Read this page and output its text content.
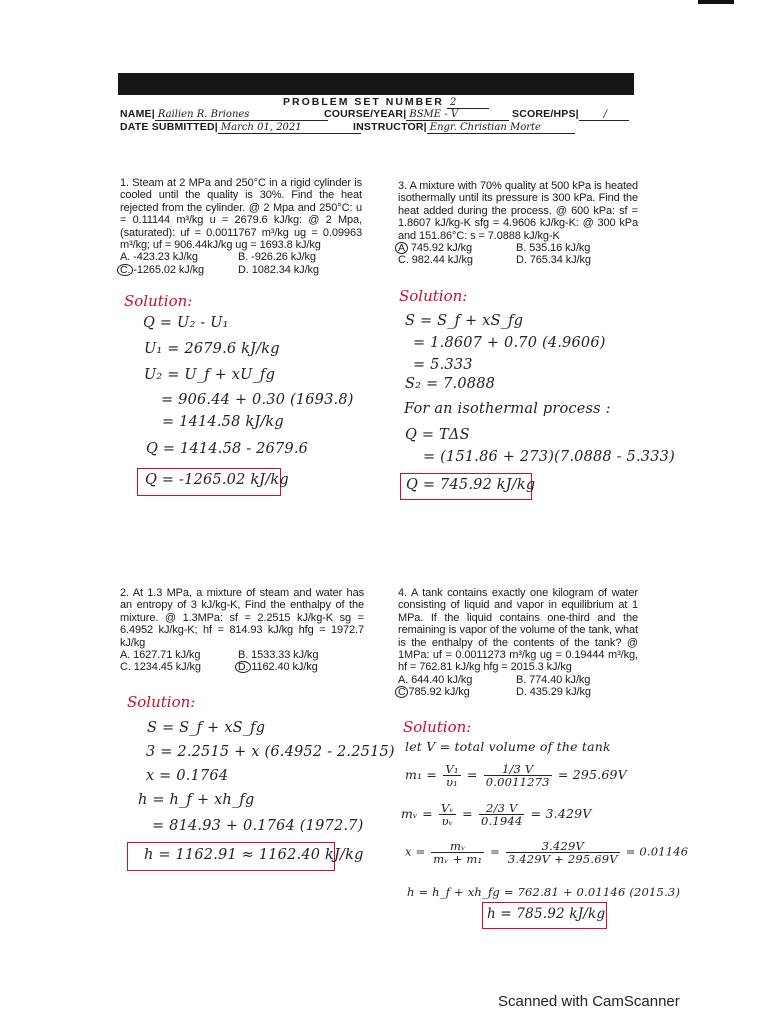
PROBLEM SET NUMBER 2
NAME| Railien R. Briones	COURSE/YEAR| BSME - V	SCORE/HPS| /
DATE SUBMITTED| March 01, 2021	INSTRUCTOR| Engr. Christian Morte

1. Steam at 2 MPa and 250°C in a rigid cylinder is cooled until the quality is 30%. Find the heat rejected from the cylinder. @ 2 Mpa and 250°C: u = 0.11144 m³/kg u = 2679.6 kJ/kg: @ 2 Mpa, (saturated): uf = 0.0011767 m³/kg ug = 0.09963 m³/kg; uf = 906.44kJ/kg ug = 1693.8 kJ/kg

A. -423.23 kJ/kg	B. -926.26 kJ/kg
C. -1265.02 kJ/kg	D. 1082.34 kJ/kg
Solution:
Q = U₂ - U₁
U₁ = 2679.6 kJ/kg
U₂ = U_f + xU_fg
= 906.44 + 0.30 (1693.8)
= 1414.58 kJ/kg
Q = 1414.58 - 2679.6
Q = -1265.02 kJ/kg

3. A mixture with 70% quality at 500 kPa is heated isothermally until its pressure is 300 kPa. Find the heat added during the process. @ 600 kPa: sf = 1.8607 kJ/kg-K sfg = 4.9606 kJ/kg-K: @ 300 kPa and 151.86°C: s = 7.0888 kJ/kg-K

A 745.92 kJ/kg	B. 535.16 kJ/kg
C. 982.44 kJ/kg	D. 765.34 kJ/kg
Solution:
S = S_f + xS_fg
= 1.8607 + 0.70 (4.9606)
= 5.333
S₂ = 7.0888
For an isothermal process :
Q = TΔS
= (151.86 + 273)(7.0888 - 5.333)
Q = 745.92 kJ/kg

2. At 1.3 MPa, a mixture of steam and water has an entropy of 3 kJ/kg-K, Find the enthalpy of the mixture. @ 1.3MPa: sf = 2.2515 kJ/kg-K sg = 6.4952 kJ/kg-K; hf = 814.93 kJ/kg hfg = 1972.7 kJ/kg

A. 1627.71 kJ/kg	B. 1533.33 kJ/kg
C. 1234.45 kJ/kg	D. 1162.40 kJ/kg
Solution:
S = S_f + xS_fg
3 = 2.2515 + x (6.4952 - 2.2515)
x = 0.1764
h = h_f + xh_fg
= 814.93 + 0.1764 (1972.7)
h = 1162.91 ≈ 1162.40 kJ/kg

4. A tank contains exactly one kilogram of water consisting of liquid and vapor in equilibrium at 1 MPa. If the liquid contains one-third and the remaining is vapor of the volume of the tank, what is the enthalpy of the contents of the tank? @ 1MPa: uf = 0.0011273 m³/kg ug = 0.19444 m³/kg, hf = 762.81 kJ/kg hfg = 2015.3 kJ/kg

A. 644.40 kJ/kg	B. 774.40 kJ/kg
C 785.92 kJ/kg	D. 435.29 kJ/kg
Solution:
let V = total volume of the tank
$m_1 = \frac{\text{V₁}}{\text{υ₁}} = \frac{1/3 V}{0.0011273} = 295.69V$
mᵥ = $\frac{\text{Vᵥ}}{\text{υᵥ}} = \frac{2/3 V}{0.1944} = 3.429V$
$x = \frac{\text{mᵥ}}{\text{mᵥ + m₁}} = \frac{3.429V}{3.429V + 295.69V} = 0.01146$
h = h_f + xh_fg = 762.81 + 0.01146 (2015.3)
h = 785.92 kJ/kg
Scanned with CamScanner
